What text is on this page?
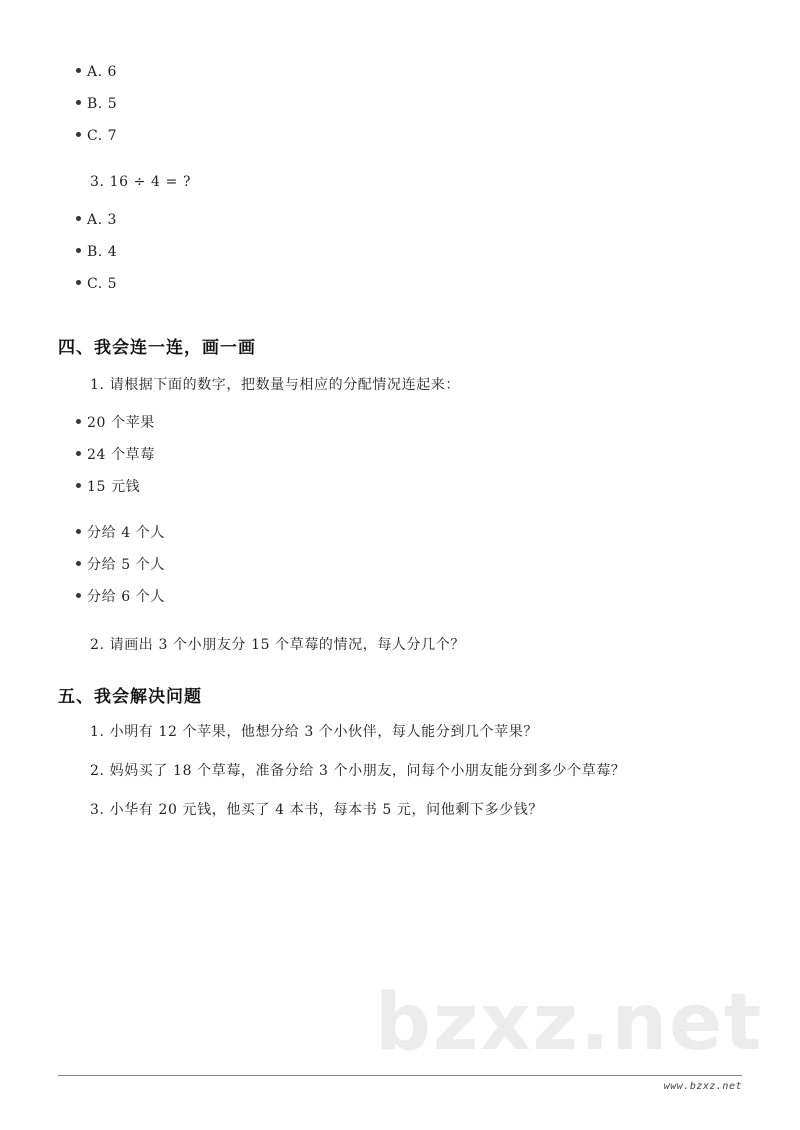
A. 6
B. 5
C. 7
3. 16 ÷ 4 = ?
A. 3
B. 4
C. 5
四、我会连一连，画一画
1. 请根据下面的数字，把数量与相应的分配情况连起来：
20 个苹果
24 个草莓
15 元钱
分给 4 个人
分给 5 个人
分给 6 个人
2. 请画出 3 个小朋友分 15 个草莓的情况，每人分几个？
五、我会解决问题
1. 小明有 12 个苹果，他想分给 3 个小伙伴，每人能分到几个苹果？
2. 妈妈买了 18 个草莓，准备分给 3 个小朋友，问每个小朋友能分到多少个草莓？
3. 小华有 20 元钱，他买了 4 本书，每本书 5 元，问他剩下多少钱？
bzxz.net
www.bzxz.net
